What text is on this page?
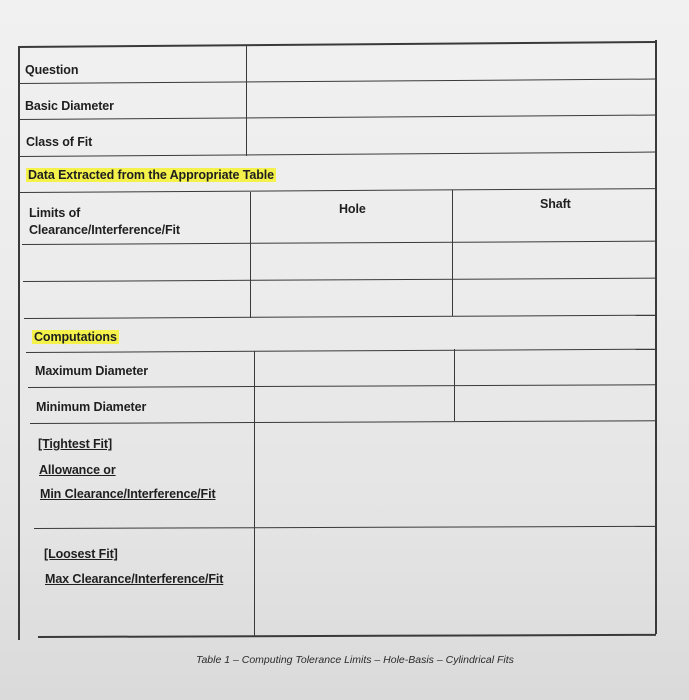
Question
Basic Diameter
Class of Fit
Data Extracted from the Appropriate Table
Limits of
Clearance/Interference/Fit
Hole	Shaft
Computations
Maximum Diameter
Minimum Diameter
[Tightest Fit]
Allowance or
Min Clearance/Interference/Fit
[Loosest Fit]
Max Clearance/Interference/Fit
Table 1 – Computing Tolerance Limits – Hole-Basis – Cylindrical Fits
